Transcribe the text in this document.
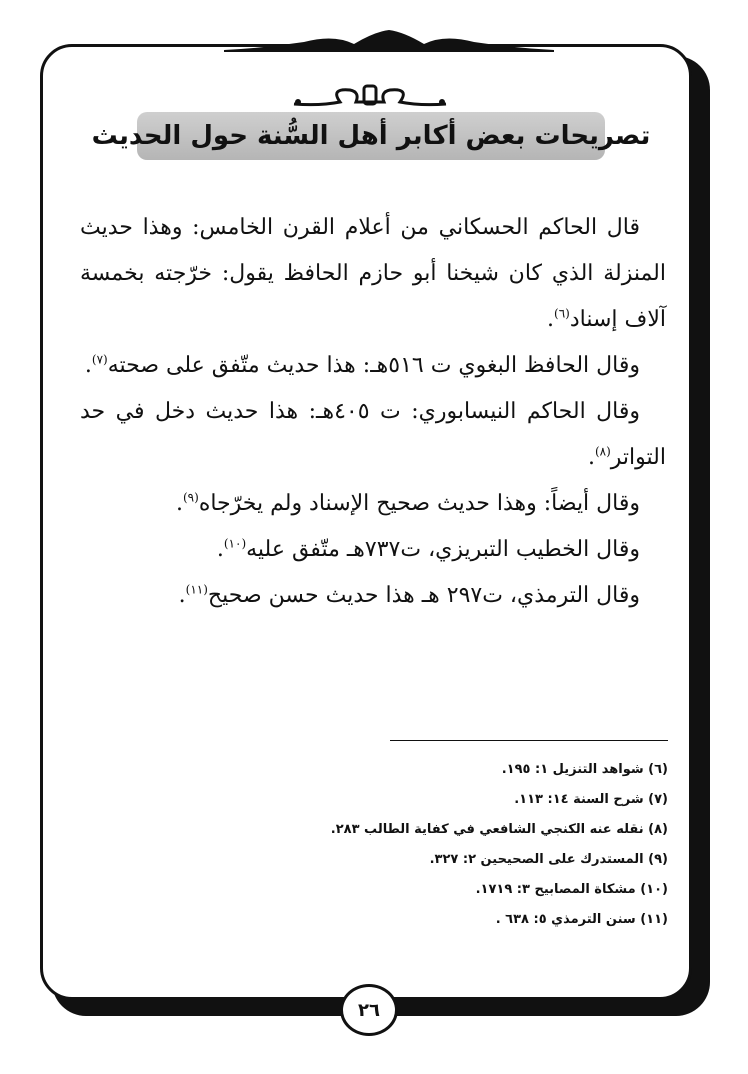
تصريحات بعض أكابر أهل السُّنة حول الحديث

قال الحاكم الحسكاني من أعلام القرن الخامس: وهذا حديث المنزلة الذي كان شيخنا أبو حازم الحافظ يقول: خرّجته بخمسة آلاف إسناد$^{(٦)}$.

وقال الحافظ البغوي ت ٥١٦هـ: هذا حديث متّفق على صحته$^{(٧)}$.

وقال الحاكم النيسابوري: ت ٤٠٥هـ: هذا حديث دخل في حد التواتر$^{(٨)}$.

وقال أيضاً: وهذا حديث صحيح الإسناد ولم يخرّجاه$^{(٩)}$.

وقال الخطيب التبريزي، ت٧٣٧هـ متّفق عليه$^{(١٠)}$.

وقال الترمذي، ت٢٩٧ هـ هذا حديث حسن صحيح$^{(١١)}$.

(٦) شواهد التنزيل ١: ١٩٥.
(٧) شرح السنة ١٤: ١١٣.
(٨) نقله عنه الكنجي الشافعي في كفاية الطالب ٢٨٣.
(٩) المستدرك على الصحيحين ٢: ٣٢٧.
(١٠) مشكاة المصابيح ٣: ١٧١٩.
(١١) سنن الترمذي ٥: ٦٣٨ .
٢٦
